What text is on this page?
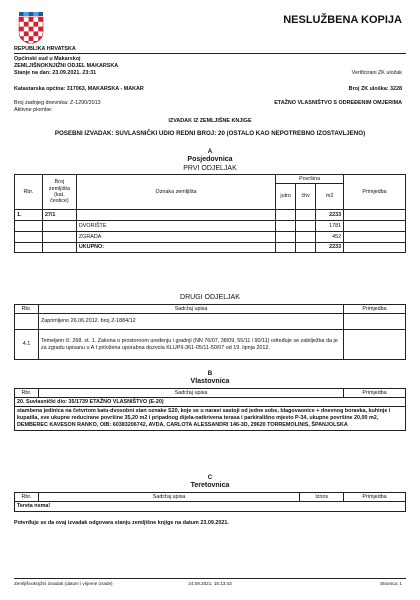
NESLUŽBENA KOPIJA
REPUBLIKA HRVATSKA
Općinski sud u Makarskoj
ZEMLJIŠNOKNJIŽNI ODJEL MAKARSKA
Stanje na dan: 23.09.2021. 23:31	Verificirani ZK uložak
Katastarska općina: 317063, MAKARSKA - MAKAR	Broj ZK uloška: 3228
Broj zadnjeg dnevnika: Z-1290/2013
Aktivne plombe:
ETAŽNO VLASNIŠTVO S ODREĐENIM OMJERIMA
IZVADAK IZ ZEMLJIŠNE KNJIGE
POSEBNI IZVADAK: SUVLASNIČKI UDIO REDNI BROJ: 20 (OSTALO KAO NEPOTREBNO IZOSTAVLJENO)
A
Posjedovnica
PRVI ODJELJAK
Rbr.	Broj zemljišta (kat. čestice)	Oznaka zemljišta	Površina			Primjedba
			jutro	čhv	m2	
1.	27/1				2233	
		DVORIŠTE			1781	
		ZGRADA			452	
		UKUPNO:			2233	
DRUGI ODJELJAK
Rbr.	Sadržaj upisa	Primjedba
	Zaprimljeno 26.06.2012. broj Z-1884/12	
4.1	Temeljem čl. 268. st. 1. Zakona o prostornom uređenju i gradnji (NN 76/07, 38/09, 55/11 i 90/11) određuje se zabilježba da je za zgradu upisanu u A I priložena uporabna dozvola KLUPII-361-05/11-50/07 od 19. lipnja 2012.	
B
Vlastovnica
Rbr.	Sadržaj upisa	Primjedba
20. Suvlasnički dio: 35/1739 ETAŽNO VLASNIŠTVO (E-20)

stambena jedinica na četvrtom katu-dvosobni stan oznake S20, koje se u naravi sastoji od jedne sobe, blagovaonice + dnevnog boravka, kuhinje i kupatila, sve ukupne reducirane površine 35,20 m2 i pripadnog dijela-natkrivena terasa i parkirališno mjesto P-34, ukupne površine 20,00 m2,
DEMBEREC KAVESON RANKO, OIB: 60383206742, AVDA, CARLOTA ALESSANDRI 146-3D, 29620 TORREMOLINIS, ŠPANJOLSKA
C
Teretovnica
Rbr.	Sadržaj upisa	Iznos	Primjedba
Tereta nema!
Potvrđuje se da ovaj izvadak odgovara stanju zemljišne knjige na datum 23.09.2021.
Zemljišnoknjižni izvadak (datum i vrijeme izrade)	24.09.2021. 15:13:43	Stranica: 1
